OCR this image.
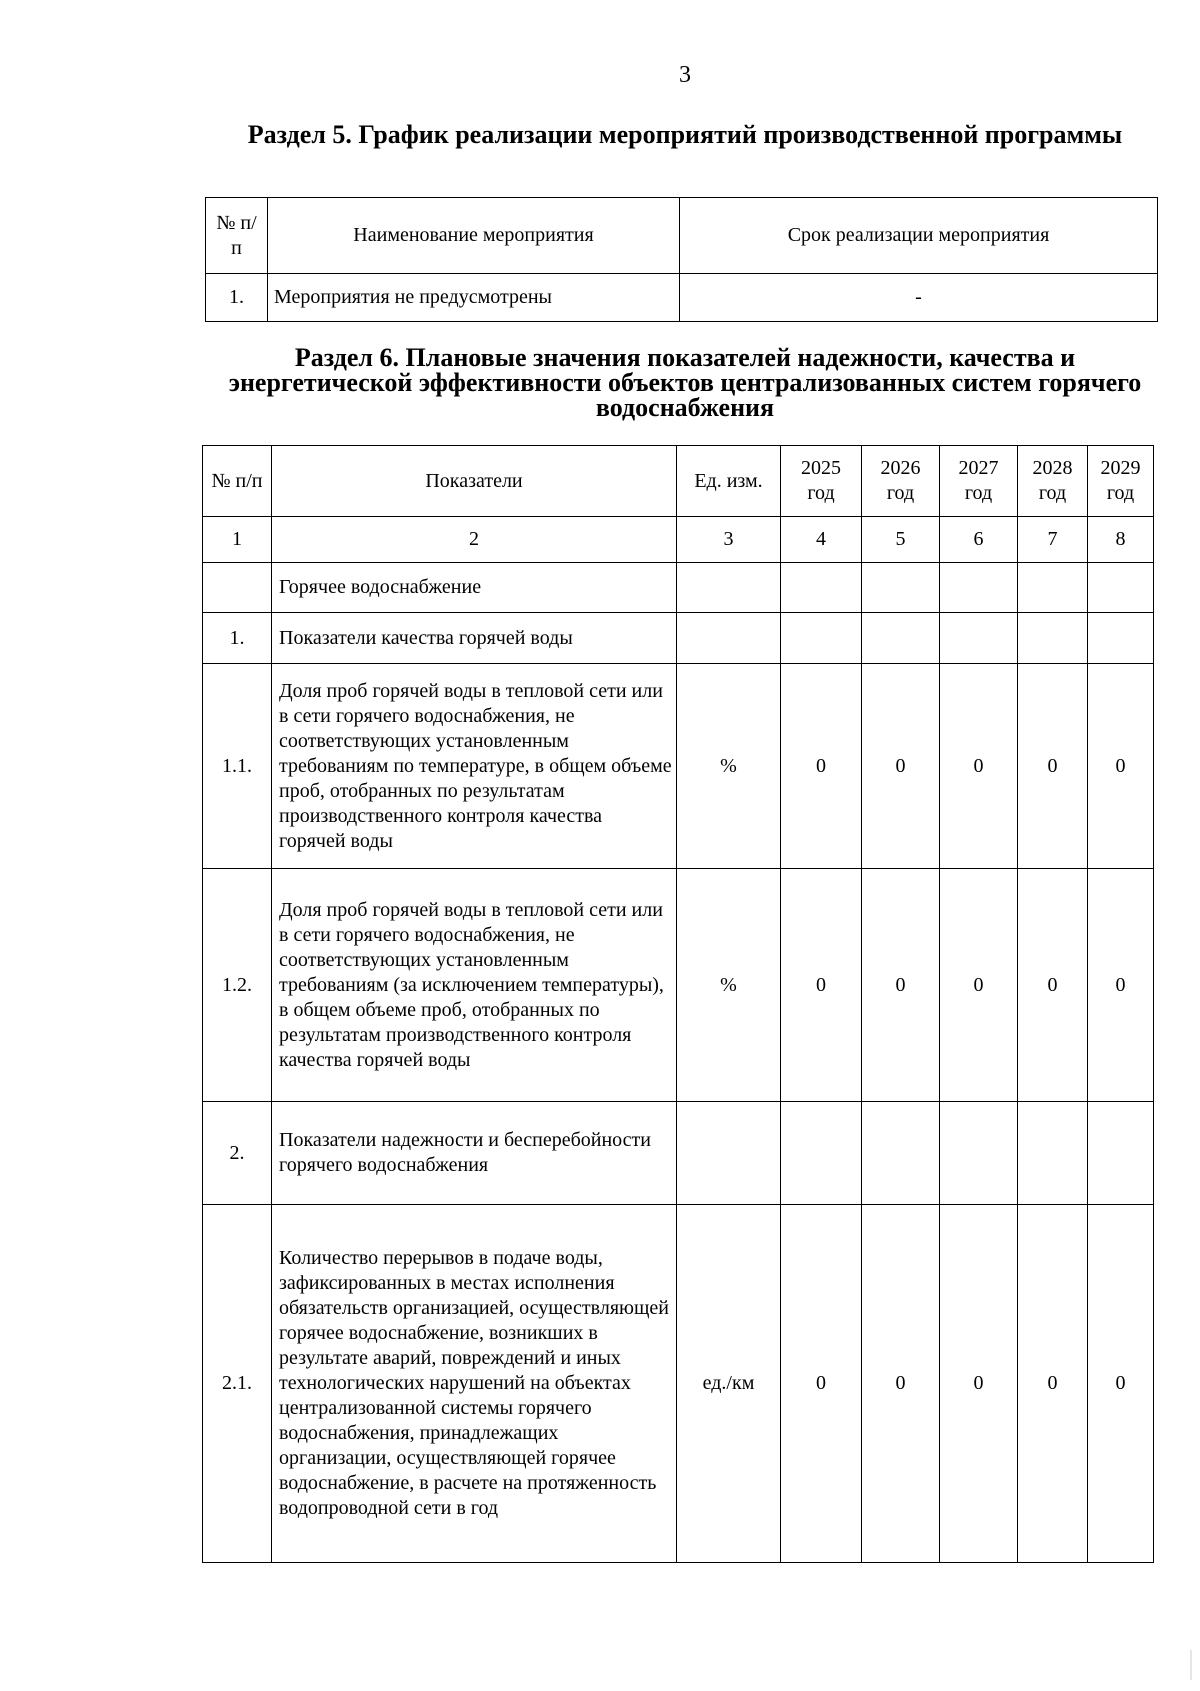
3
Раздел 5. График реализации мероприятий производственной программы
№ п/п	Наименование мероприятия	Срок реализации мероприятия
1.	Мероприятия не предусмотрены	-
Раздел 6. Плановые значения показателей надежности, качества и энергетической эффективности объектов централизованных систем горячего водоснабжения
№ п/п	Показатели	Ед. изм.	2025 год	2026 год	2027 год	2028 год	2029 год
1	2	3	4	5	6	7	8
	Горячее водоснабжение						
1.	Показатели качества горячей воды						
1.1.	Доля проб горячей воды в тепловой сети или в сети горячего водоснабжения, не соответствующих установленным требованиям по температуре, в общем объеме проб, отобранных по результатам производственного контроля качества горячей воды	%	0	0	0	0	0
1.2.	Доля проб горячей воды в тепловой сети или в сети горячего водоснабжения, не соответствующих установленным требованиям (за исключением температуры), в общем объеме проб, отобранных по результатам производственного контроля качества горячей воды	%	0	0	0	0	0
2.	Показатели надежности и бесперебойности горячего водоснабжения						
2.1.	Количество перерывов в подаче воды, зафиксированных в местах исполнения обязательств организацией, осуществляющей горячее водоснабжение, возникших в результате аварий, повреждений и иных технологических нарушений на объектах централизованной системы горячего водоснабжения, принадлежащих организации, осуществляющей горячее водоснабжение, в расчете на протяженность водопроводной сети в год	ед./км	0	0	0	0	0
